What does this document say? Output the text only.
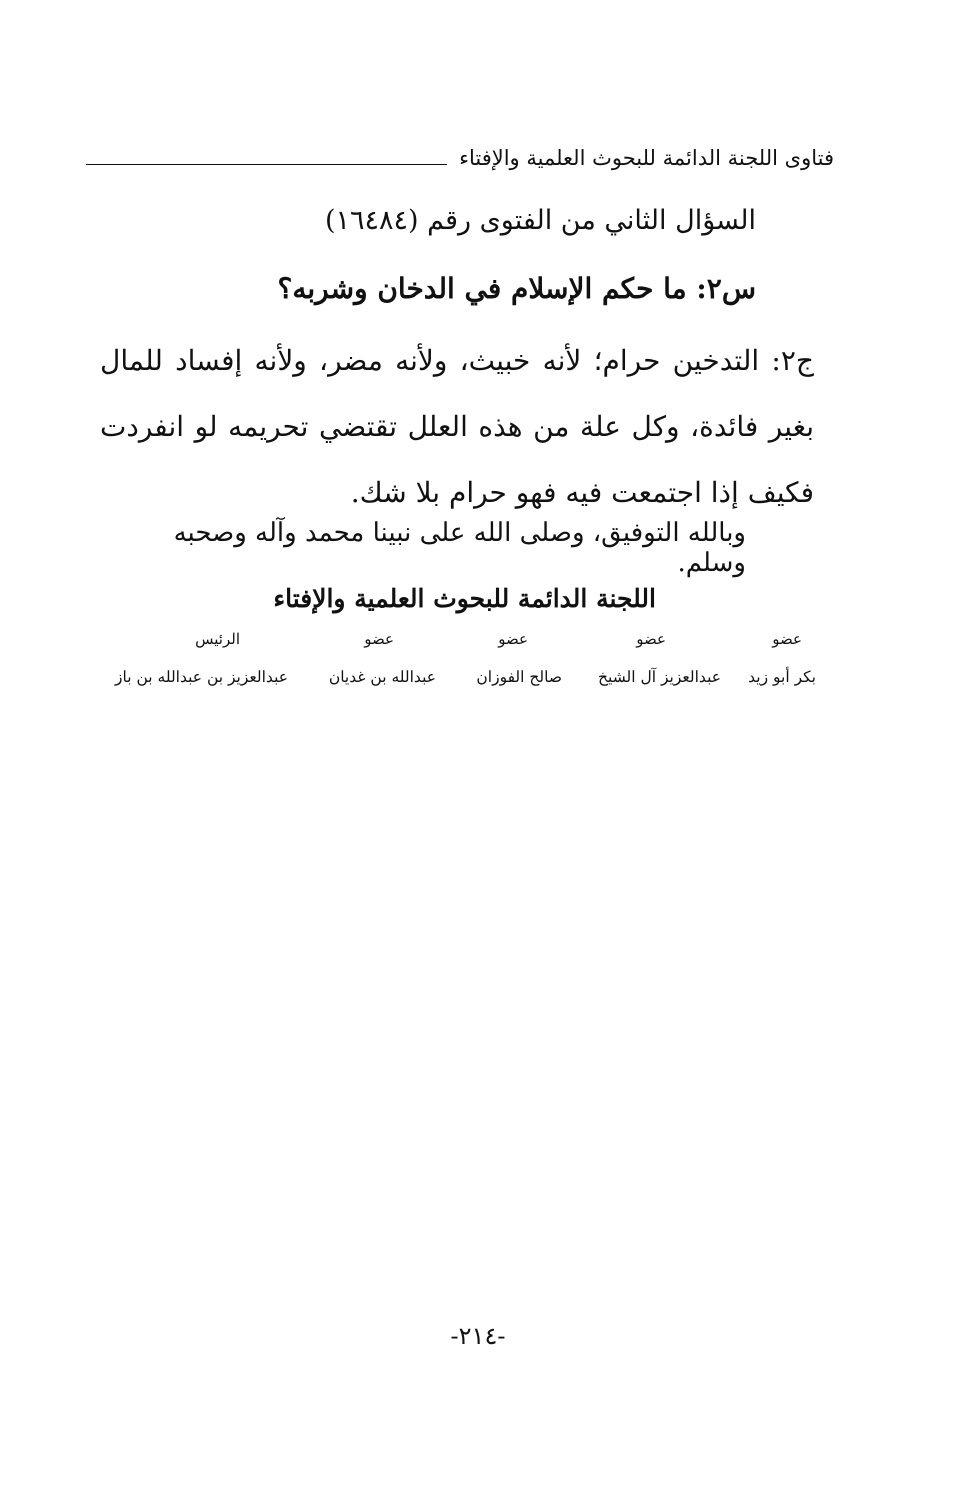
فتاوى اللجنة الدائمة للبحوث العلمية والإفتاء
السؤال الثاني من الفتوى رقم (١٦٤٨٤)
س٢: ما حكم الإسلام في الدخان وشربه؟
ج٢: التدخين حرام؛ لأنه خبيث، ولأنه مضر، ولأنه إفساد للمال بغير فائدة، وكل علة من هذه العلل تقتضي تحريمه لو انفردت فكيف إذا اجتمعت فيه فهو حرام بلا شك.
وبالله التوفيق، وصلى الله على نبينا محمد وآله وصحبه وسلم.
اللجنة الدائمة للبحوث العلمية والإفتاء
عضو
عضو
عضو
عضو
الرئيس
بكر أبو زيد
عبدالعزيز آل الشيخ
صالح الفوزان
عبدالله بن غديان
عبدالعزيز بن عبدالله بن باز
-٢١٤-
